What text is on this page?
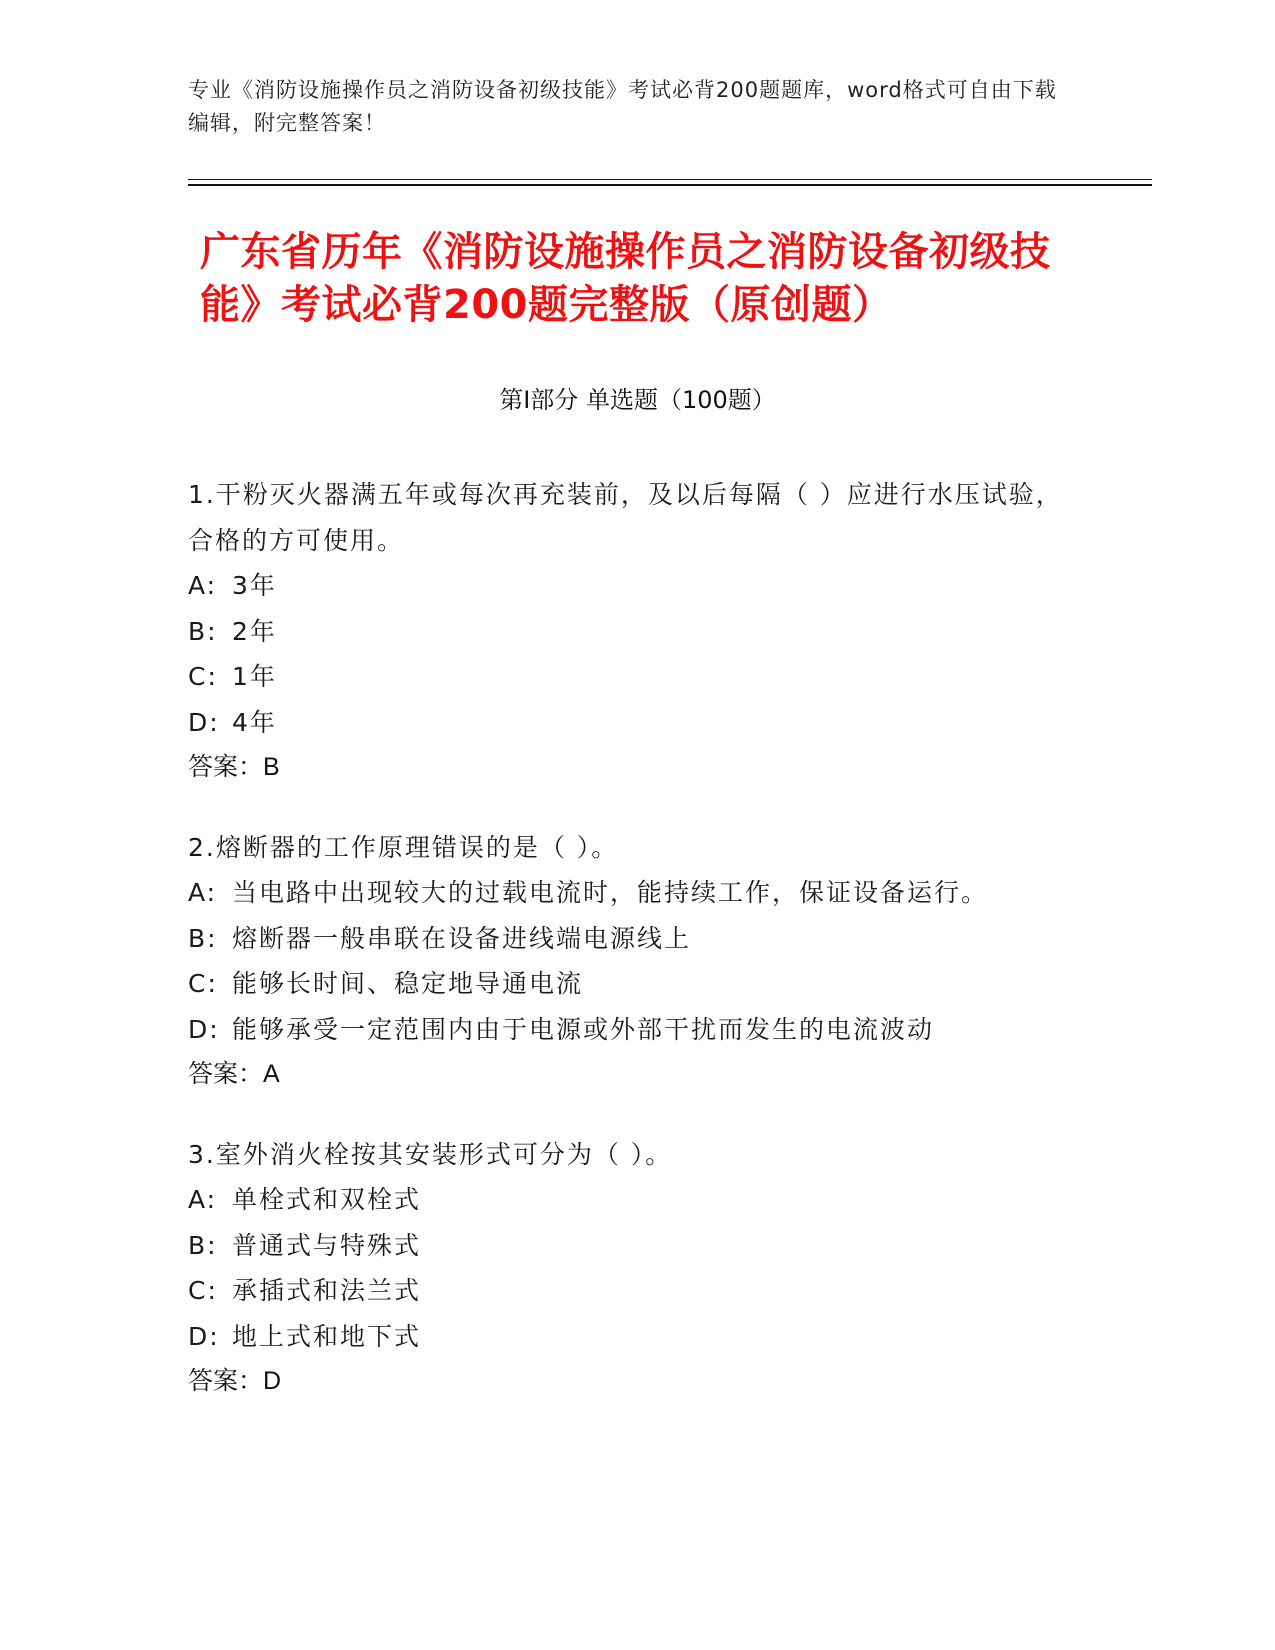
专业《消防设施操作员之消防设备初级技能》考试必背200题题库，word格式可自由下载编辑，附完整答案！
广东省历年《消防设施操作员之消防设备初级技能》考试必背200题完整版（原创题）
第I部分 单选题（100题）
1.干粉灭火器满五年或每次再充装前，及以后每隔（ ）应进行水压试验，合格的方可使用。
A: 3年
B: 2年
C: 1年
D: 4年
答案：B
2.熔断器的工作原理错误的是（ ）。
A: 当电路中出现较大的过载电流时，能持续工作，保证设备运行。
B: 熔断器一般串联在设备进线端电源线上
C: 能够长时间、稳定地导通电流
D: 能够承受一定范围内由于电源或外部干扰而发生的电流波动
答案：A
3.室外消火栓按其安装形式可分为（ ）。
A: 单栓式和双栓式
B: 普通式与特殊式
C: 承插式和法兰式
D: 地上式和地下式
答案：D
